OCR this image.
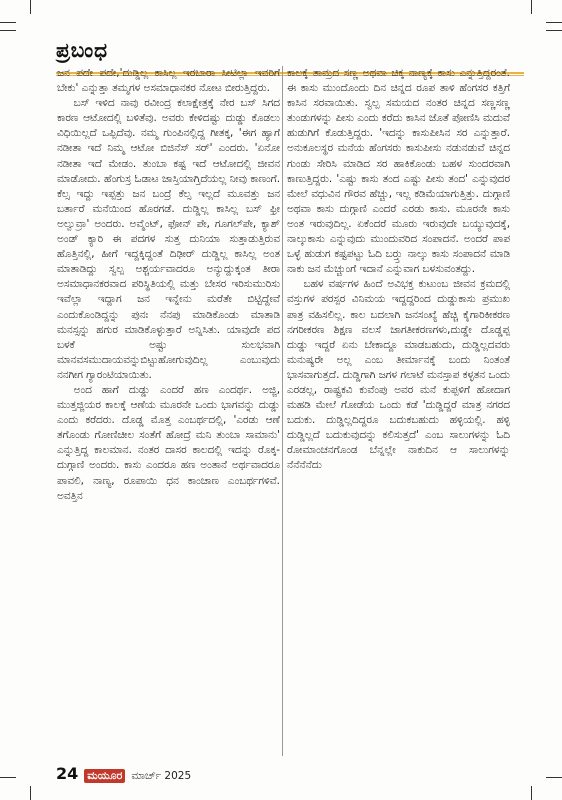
ಪ್ರಬಂಧ

ಜನ ಪದೇ ಪದೇ,'ದುಡ್ಡಿಲ್ಲ ಕಾಸಿಲ್ಲ ಇರಬಾರಾ ಸೀಟಿಲ್ಲಾ ಇವರಿಗೆ ಬೇಕು' ಎನ್ನುತ್ತಾ ತಮ್ಮಗಳ ಅಸಮಾಧಾನಕರ ನೋಟ ಬೀರುತ್ತಿದ್ದರು.

ಬಸ್ ಇಳಿದ ನಾವು ರವೀಂದ್ರ ಕಲಾಕ್ಷೇತ್ರಕ್ಕೆ ನೇರ ಬಸ್ ಸಿಗದ ಕಾರಣ ಆಟೋದಲ್ಲಿ ಬಳಿತೆವು. ಅವರು ಕೇಳಿದಷ್ಟು ದುಡ್ಡು ಕೊಡಲು ವಿಧಿಯಿಲ್ಲದೆ ಒಪ್ಪಿದೆವು. ನಮ್ಮ ಗುಂಪಿನಲ್ಲಿದ್ದ ಗೀತಕ್ಕ, 'ಈಗ ಹ್ಯಾಗೆ ನಡೀತಾ ಇದೆ ನಿಮ್ಮ ಆಟೋ ಬಿಜಿನೆಸ್ ಸರ್' ಎಂದರು. 'ಏನೋ ನಡೀತಾ ಇದೆ ಮೇಡಂ. ತುಂಬಾ ಕಷ್ಟ ಇದೆ ಆಟೋದಲ್ಲಿ ಜೀವನ ಮಾಡೋದು. ಹೆಂಗುಸ್ರ ಓಡಾಟ ಜಾಸ್ತಿಯಾಗ್ತಿದೆಯಲ್ಲ ನೀವು ಕಾಣಂಗೆ. ಕೆಲ್ಸ ಇದ್ದು ಇಪ್ಪತ್ತು ಜನ ಬಂದ್ರೆ ಕೆಲ್ಸ ಇಲ್ಲದೆ ಮೂವತ್ತು ಜನ ಬರ್ತಾರೆ ಮನೆಯಿಂದ ಹೊರಗಡೆ. ದುಡ್ಡಿಲ್ಲ ಕಾಸಿಲ್ಲ ಬಸ್ ಫ್ರೀ ಅಲ್ವುವ್ರಾ' ಅಂದರು. ಅವ್ಮೆಂಟ್, ಫೋನ್ ಪೇ, ಗೂಗಲ್‌ಪೇ, ಕ್ಯಾಶ್ ಅಂಡ್ ಕ್ಯಾರಿ ಈ ಪದಗಳ ಸುತ್ತ ದುನಿಯಾ ಸುತ್ತಾಡುತ್ತಿರುವ ಹೊತ್ತಿನಲ್ಲಿ, ಹೀಗೆ ಇದ್ದಕ್ಕಿದ್ದಂತೆ ದಿಢೀರ್ ದುಡ್ಡಿಲ್ಲ ಕಾಸಿಲ್ಲ ಅಂತ ಮಾತಾಡಿದ್ದು ಸ್ವಲ್ಪ ಅಶ್ಚರ್ಯವಾದರೂ ಅನ್ಯುದ್ದುಕ್ಕಂತ ತೀರಾ ಅಸಮಾಧಾನಕರವಾದ ಪರಿಸ್ಥಿತಿಯಲ್ಲಿ ಮತ್ತು ಬೇಸರ ಇರಿಸುಮುರಿಸು ಇವೆಲ್ಲಾ ಇದ್ದಾಗ ಜನ ಇನ್ನೇನು ಮರೆತೇ ಬಿಟ್ಟಿದ್ದೇವೆ ಎಂದುಕೊಂಡಿದ್ದನ್ನು ಪುನಃ ನೆನಪು ಮಾಡಿಕೊಂಡು ಮಾತಾಡಿ ಮನಸ್ಸನ್ನು ಹಗುರ ಮಾಡಿಕೊಳ್ಳುತ್ತಾರೆ ಅನ್ನಿಸಿತು. ಯಾವುದೇ ಪದ ಬಳಕೆ ಅಷ್ಟು ಸುಲಭವಾಗಿ ಮಾನವಸಮುದಾಯವನ್ನುಬಿಟ್ಟುಹೋಗುವುದಿಲ್ಲ ಎಂಬುವುದು ನನಗೀಗ ಗ್ಯಾರಂಟಿಯಾಯಿತು.

ಅಂದ ಹಾಗೆ ದುಡ್ಡು ಎಂದರೆ ಹಣ ಎಂದರ್ಥ. ಅಜ್ಜಿ, ಮುತ್ತಜ್ಜಿಯರ ಕಾಲಕ್ಕೆ ಆಣೆಯ ಮೂರನೇ ಒಂದು ಭಾಗವನ್ನು ದುಡ್ಡು ಎಂದು ಕರೆದರು. ದೊಡ್ಡ ಮೊತ್ತ ಎಂಬರ್ಥದಲ್ಲಿ, 'ಎರಡು ಆಣೆ ತಗೊಂಡು ಗೋಣಿಚೀಲ ಸಂತೆಗೆ ಹೋದ್ರೆ ಮನಿ ತುಂಬಾ ಸಾಮಾನು' ಎನ್ನುತ್ತಿದ್ದ ಕಾಲಮಾನ. ನಂತರ ದಾಸರ ಕಾಲದಲ್ಲಿ ಇದನ್ನು ರೊಕ್ಕ-ದುಗ್ಗಾಣಿ ಅಂದರು. ಕಾಸು ಎಂದರೂ ಹಣ ಅಂತಾನೆ ಅರ್ಥವಾದರೂ ಪಾವಲಿ, ನಾಣ್ಯ, ರೂಪಾಯಿ ಧನ ಕಾಂಚಾಣ ಎಂಬರ್ಥಗಳಿವೆ. ಅವತ್ತಿನ

ಕಾಲಕ್ಕೆ ತಾಮ್ರದ ಸಣ್ಣ ಅಥವಾ ಚಿಕ್ಕ ನಾಣ್ಯಕ್ಕೆ ಕಾಸು ಎನ್ನುತ್ತಿದ್ದರಂತೆ. ಈ ಕಾಸು ಮುಂದೊಂದು ದಿನ ಚಿನ್ನದ ರೂಪ ತಾಳಿ ಹೆಂಗಸರ ಕತ್ತಿಗೆ ಕಾಸಿನ ಸರವಾಯಿತು. ಸ್ವಲ್ಪ ಸಮಯದ ನಂತರ ಚಿನ್ನದ ಸಣ್ಣಸಣ್ಣ ತುಂಡುಗಳನ್ನು ಪೀಸು ಎಂದು ಕರೆದು ಕಾಸಿನ ಜೊತೆ ಪೋಣಿಸಿ ಮದುವೆ ಹುಡುಗಿಗೆ ಕೊಡುತ್ತಿದ್ದರು. 'ಇದನ್ನು ಕಾಸುಪೀಸಿನ ಸರ ಎನ್ನುತ್ತಾರೆ. ಅನುಕೂಲಸ್ಥರ ಮನೆಯ ಹೆಂಗಸರು ಕಾಸುಪೀಸು ನಡುನಡುವೆ ಚಿನ್ನದ ಗುಂಡು ಸೇರಿಸಿ ಮಾಡಿದ ಸರ ಹಾಕಿಕೊಂಡು ಬಹಳ ಸುಂದರವಾಗಿ ಕಾಣುತ್ತಿದ್ದರು. 'ಎಷ್ಟು ಕಾಸು ತಂದ ಎಷ್ಟು ಪೀಸು ತಂದ' ಎನ್ನುವುದರ ಮೇಲೆ ವಧುವಿನ ಗೌರವ ಹೆಚ್ಚು, ಇಲ್ಲ ಕಡಿಮೆಯಾಗುತ್ತಿತ್ತು. ದುಗ್ಗಾಣಿ ಅಥವಾ ಕಾಸು ದುಗ್ಗಾಣಿ ಎಂದರೆ ಎರಡು ಕಾಸು. ಮೂರನೇ ಕಾಸು ಅಂತ ಇರುವುದಿಲ್ಲ. ಏಕೆಂದರೆ ಮೂರು ಇರುವುದೇ ಬಯ್ಯುವುದಕ್ಕೆ, ನಾಲ್ಕುಕಾಸು ಎನ್ನುವುದು ಮುಂದುವರಿದ ಸಂಪಾದನೆ. ಅಂದರೆ ಪಾಪ ಒಳ್ಳೆ ಹುಡುಗ ಕಷ್ಟಪಟ್ಟು ಓದಿ ಬರ್‍ತ್ತು ನಾಲ್ಕು ಕಾಸು ಸಂಪಾದನೆ ಮಾಡಿ ನಾಕು ಜನ ಮೆಚ್ಚುಂಗೆ ಇದಾನೆ ಎನ್ನುವಾಗ ಬಳಸುವಂತದ್ದು.

ಬಹಳ ವರ್ಷಗಳ ಹಿಂದೆ ಅವಿಭಕ್ತ ಕುಟುಂಬ ಜೀವನ ಕ್ರಮದಲ್ಲಿ ವಸ್ತುಗಳ ಪರಸ್ಪರ ವಿನಿಮಯ ಇದ್ದದ್ದರಿಂದ ದುಡ್ಡುಕಾಸು ಪ್ರಮುಖ ಪಾತ್ರ ವಹಿಸಲಿಲ್ಲ. ಕಾಲ ಬದಲಾಗಿ ಜನಸಂಖ್ಯೆ ಹೆಚ್ಚಿ ಕೈಗಾರಿಕೀಕರಣ ನಗರೀಕರಣ ಶಿಕ್ಷಣ ವಲಸೆ ಜಾಗತೀಕರಣಗಳು,ದುಡ್ಡೇ ದೊಡ್ಡಪ್ಪ ದುಡ್ಡು ಇದ್ದರೆ ಏನು ಬೇಕಾದ್ದೂ ಮಾಡಬಹುದು, ದುಡ್ಡಿಲ್ಲದವರು ಮನುಷ್ಯರೇ ಅಲ್ಲ ಎಂಬ ತೀರ್ಮಾನಕ್ಕೆ ಬಂದು ನಿಂತಂತೆ ಭಾಸವಾಗುತ್ತದೆ. ದುಡ್ಡಿಗಾಗಿ ಜಗಳ ಗಲಾಟೆ ಮನಸ್ತಾಪ ಕಳ್ಳತನ ಒಂದು ಎರಡಲ್ಲ, ರಾಷ್ಟ್ರಕವಿ ಕುವೆಂಪು ಅವರ ಮನೆ ಕುಪ್ಪಳಿಗೆ ಹೋದಾಗ ಮಹಡಿ ಮೇಲೆ ಗೋಡೆಯ ಒಂದು ಕಡೆ 'ದುಡ್ಡಿದ್ದರೆ ಮಾತ್ರ ನಗರದ ಬದುಕು. ದುಡ್ಡಿಲ್ಲದಿದ್ದರೂ ಬದುಕಬಹುದು ಹಳ್ಳಿಯಲ್ಲಿ. ಹಳ್ಳಿ ದುಡ್ಡಿಲ್ಲದೆ ಬದುಕುವುದನ್ನು ಕಲಿಸುತ್ತದೆ' ಎಂಬ ಸಾಲುಗಳನ್ನು ಓದಿ ರೋಮಾಂಚನಗೊಂಡ ಬೆನ್ನಲ್ಲೇ ನಾಕುದಿನ ಆ ಸಾಲುಗಳನ್ನು ನೆನೆನೆನೆದು

24 ಮಯೂರ ಮಾರ್ಚ್ 2025
